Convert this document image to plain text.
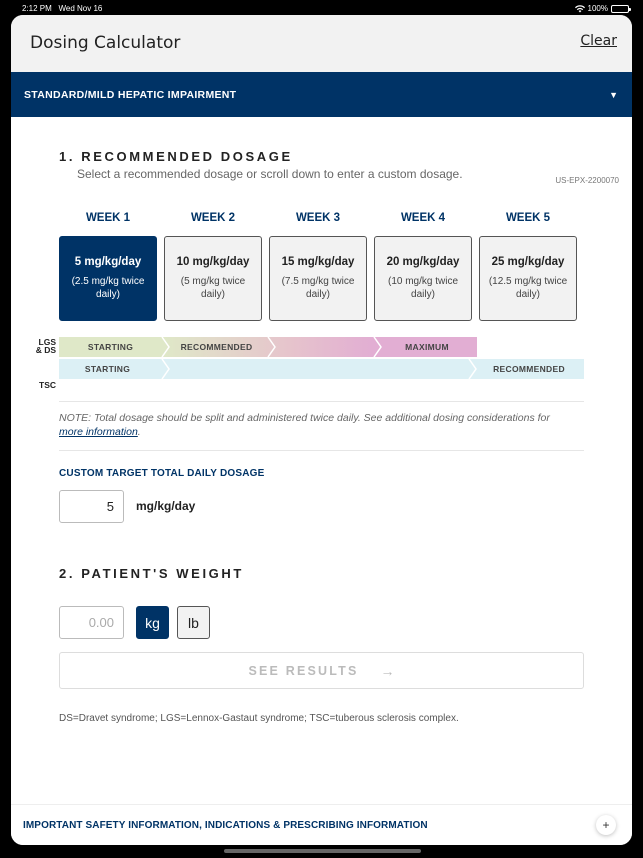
2:12 PM Wed Nov 16	100%
Dosing Calculator	Clear
STANDARD/MILD HEPATIC IMPAIRMENT	▼
1. RECOMMENDED DOSAGE
Select a recommended dosage or scroll down to enter a custom dosage.	US-EPX-2200070
WEEK 1
5 mg/kg/day
(2.5 mg/kg twice daily)
WEEK 2
10 mg/kg/day
(5 mg/kg twice daily)
WEEK 3
15 mg/kg/day
(7.5 mg/kg twice daily)
WEEK 4
20 mg/kg/day
(10 mg/kg twice daily)
WEEK 5
25 mg/kg/day
(12.5 mg/kg twice daily)
LGS
& DS	STARTING	RECOMMENDED	MAXIMUM
TSC
STARTING	RECOMMENDED
NOTE: Total dosage should be split and administered twice daily. See additional dosing considerations for more information.
CUSTOM TARGET TOTAL DAILY DOSAGE
5
mg/kg/day
2. PATIENT'S WEIGHT
0.00
kg	lb
SEE RESULTS →
DS=Dravet syndrome; LGS=Lennox-Gastaut syndrome; TSC=tuberous sclerosis complex.
IMPORTANT SAFETY INFORMATION, INDICATIONS & PRESCRIBING INFORMATION	+
